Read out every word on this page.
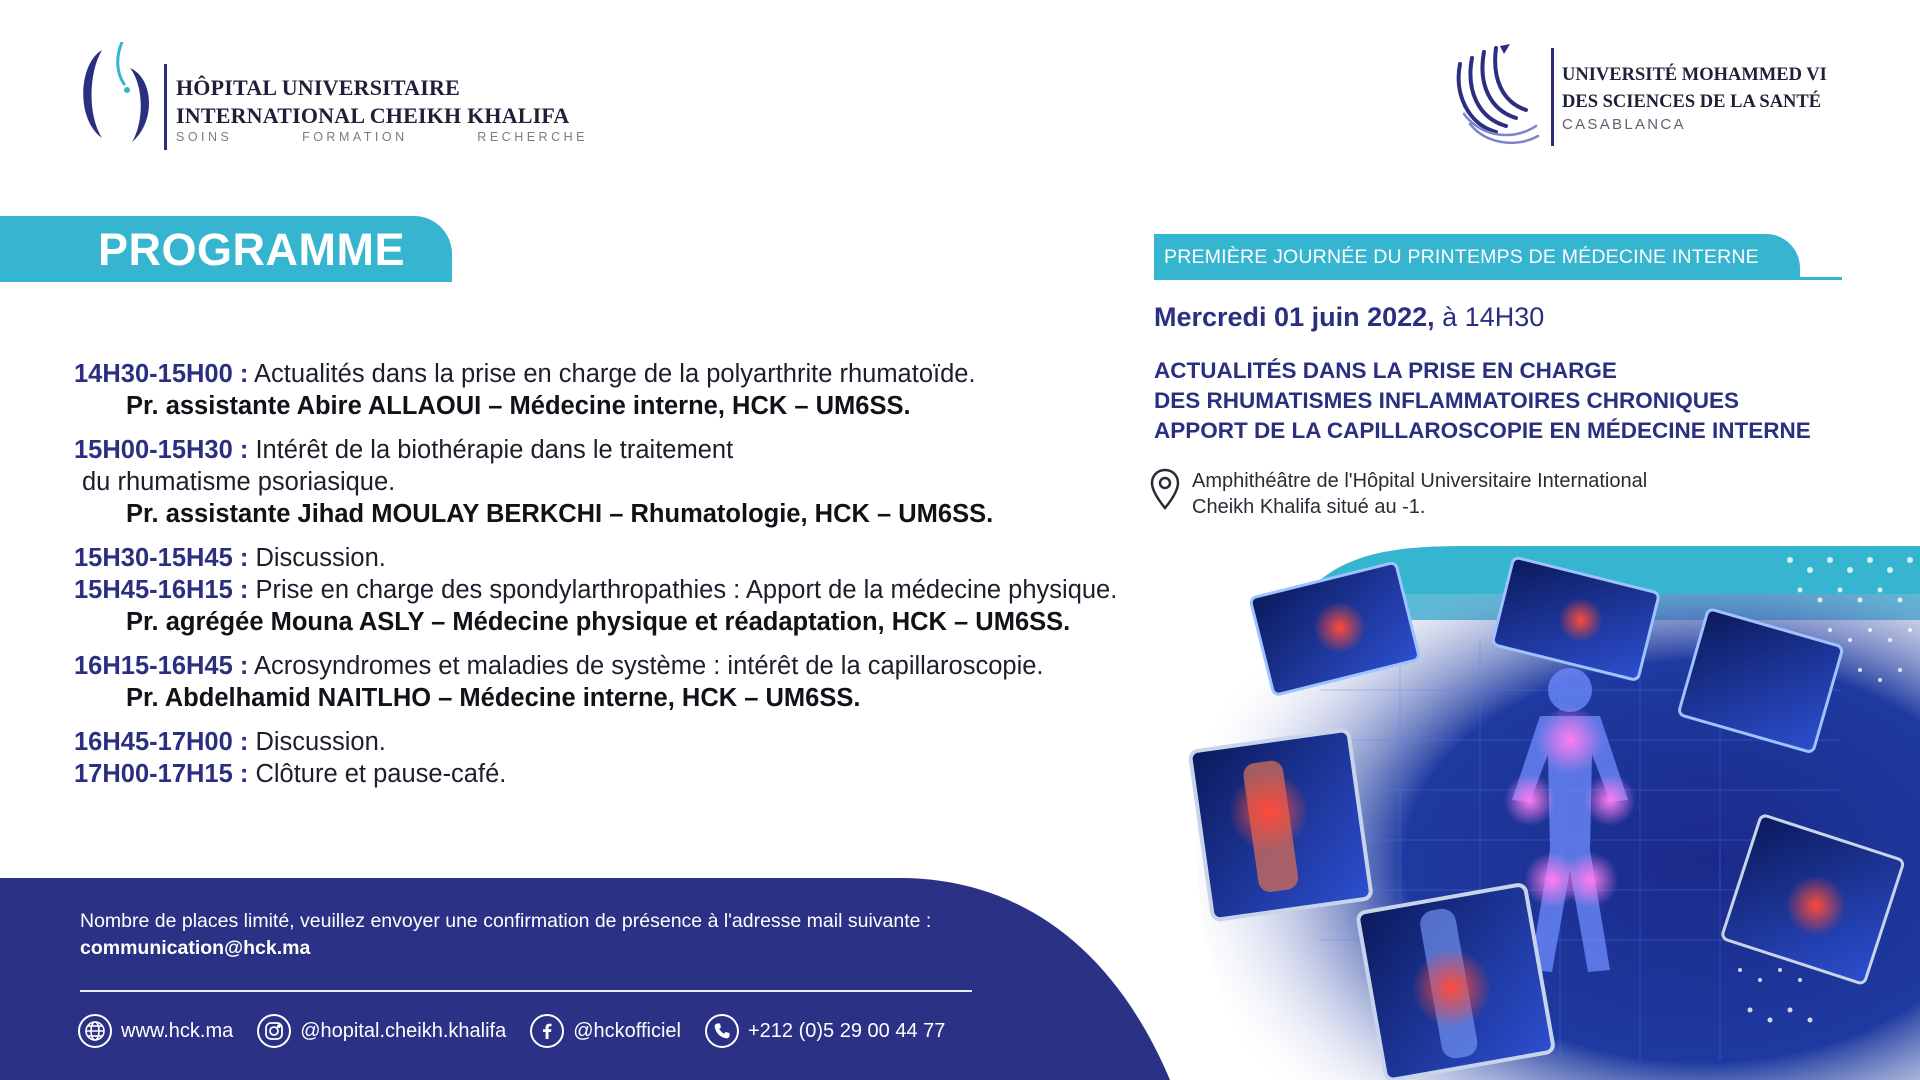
HÔPITAL UNIVERSITAIRE
INTERNATIONAL CHEIKH KHALIFA
SOINS	FORMATION	RECHERCHE
UNIVERSITÉ MOHAMMED VI
DES SCIENCES DE LA SANTÉ
CASABLANCA
PROGRAMME
14H30-15H00 : Actualités dans la prise en charge de la polyarthrite rhumatoïde.
Pr. assistante Abire ALLAOUI – Médecine interne, HCK – UM6SS.
15H00-15H30 : Intérêt de la biothérapie dans le traitement
du rhumatisme psoriasique.
Pr. assistante Jihad MOULAY BERKCHI – Rhumatologie, HCK – UM6SS.
15H30-15H45 : Discussion.
15H45-16H15 : Prise en charge des spondylarthropathies : Apport de la médecine physique.
Pr. agrégée Mouna ASLY – Médecine physique et réadaptation, HCK – UM6SS.
16H15-16H45 : Acrosyndromes et maladies de système : intérêt de la capillaroscopie.
Pr. Abdelhamid NAITLHO – Médecine interne, HCK – UM6SS.
16H45-17H00 : Discussion.
17H00-17H15 : Clôture et pause-café.
PREMIÈRE JOURNÉE DU PRINTEMPS DE MÉDECINE INTERNE
Mercredi 01 juin 2022, à 14H30
ACTUALITÉS DANS LA PRISE EN CHARGE
DES RHUMATISMES INFLAMMATOIRES CHRONIQUES
APPORT DE LA CAPILLAROSCOPIE EN MÉDECINE INTERNE
Amphithéâtre de l'Hôpital Universitaire International
Cheikh Khalifa situé au -1.
Nombre de places limité, veuillez envoyer une confirmation de présence à l'adresse mail suivante :
communication@hck.ma
www.hck.ma	@hopital.cheikh.khalifa	@hckofficiel	+212 (0)5 29 00 44 77
